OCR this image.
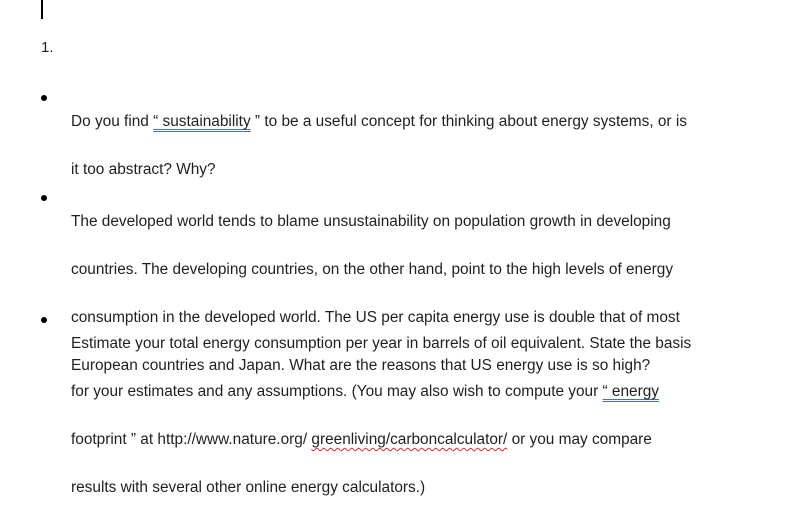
1.

Do you find “ sustainability ” to be a useful concept for thinking about energy systems, or is

it too abstract? Why?

The developed world tends to blame unsustainability on population growth in developing

countries. The developing countries, on the other hand, point to the high levels of energy

consumption in the developed world. The US per capita energy use is double that of most

European countries and Japan. What are the reasons that US energy use is so high?

Estimate your total energy consumption per year in barrels of oil equivalent. State the basis

for your estimates and any assumptions. (You may also wish to compute your “ energy

footprint ” at http://www.nature.org/ greenliving/carboncalculator/ or you may compare

results with several other online energy calculators.)
